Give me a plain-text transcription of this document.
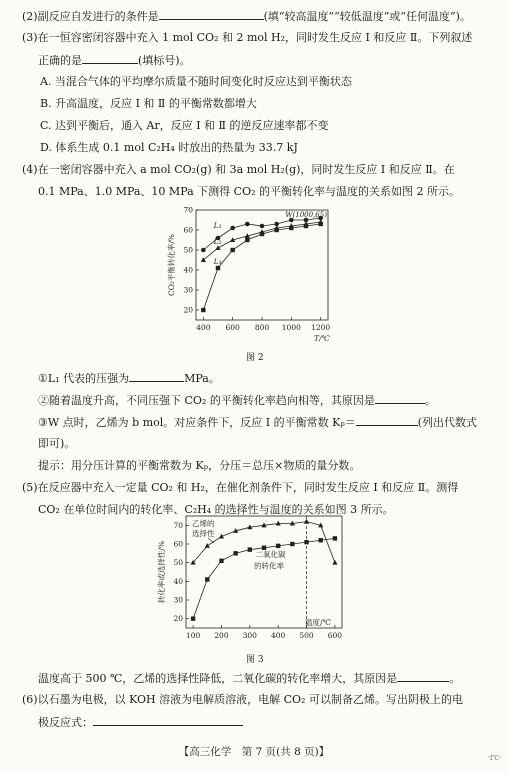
(2)副反应自发进行的条件是	(填“较高温度”“较低温度”或“任何温度”)。
(3)在一恒容密闭容器中充入 1 mol CO₂ 和 2 mol H₂，同时发生反应 Ⅰ 和反应 Ⅱ。下列叙述
正确的是	(填标号)。
A. 当混合气体的平均摩尔质量不随时间变化时反应达到平衡状态
B. 升高温度，反应 Ⅰ 和 Ⅱ 的平衡常数都增大
C. 达到平衡后，通入 Ar，反应 Ⅰ 和 Ⅱ 的逆反应速率都不变
D. 体系生成 0.1 mol C₂H₄ 时放出的热量为 33.7 kJ
(4)在一密闭容器中充入 a mol CO₂(g) 和 3a mol H₂(g)，同时发生反应 Ⅰ 和反应 Ⅱ。在
0.1 MPa、1.0 MPa、10 MPa 下测得 CO₂ 的平衡转化率与温度的关系如图 2 所示。
400 600 800 1000 1200
20
30
40
50
60
70
T/℃
CO₂平衡转化率/%
L₁
L₂
L₃
W(1000,65)
图 2
①L₁ 代表的压强为	MPa。
②随着温度升高，不同压强下 CO₂ 的平衡转化率趋向相等，其原因是	。
③W 点时，乙烯为 b mol。对应条件下，反应 Ⅰ 的平衡常数 Kₚ＝	(列出代数式
即可)。
提示：用分压计算的平衡常数为 Kₚ，分压＝总压×物质的量分数。
(5)在反应器中充入一定量 CO₂ 和 H₂，在催化剂条件下，同时发生反应 Ⅰ 和反应 Ⅱ。测得
CO₂ 在单位时间内的转化率、C₂H₄ 的选择性与温度的关系如图 3 所示。
100 200 300 400 500 600
20
30
40
50
60
70
温度/℃
转化率或选择性/%
乙烯的
选择性
二氧化碳
的转化率
图 3
温度高于 500 ℃，乙烯的选择性降低，二氧化碳的转化率增大，其原因是	。
(6)以石墨为电极，以 KOH 溶液为电解质溶液，电解 CO₂ 可以制备乙烯。写出阴极上的电
极反应式：
【高三化学　第 7 页(共 8 页)】	·rc·
